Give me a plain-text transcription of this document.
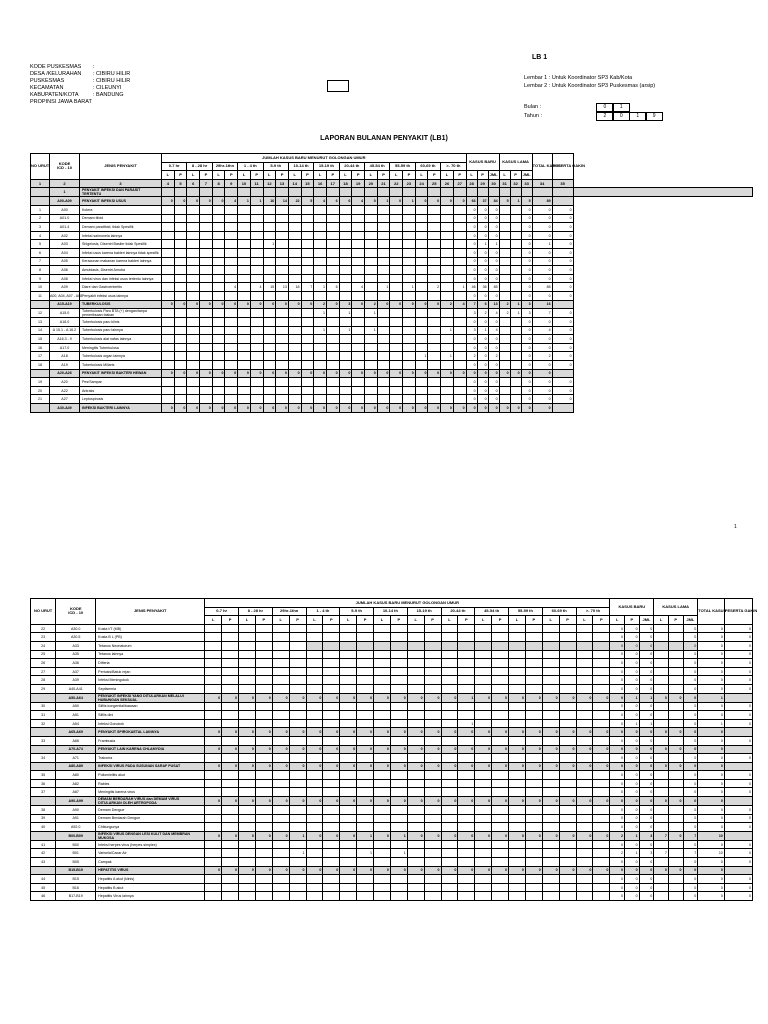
LB 1
KODE PUSKESMAS :
DESA /KELURAHAN : CIBIRU HILIR
PUSKESMAS	: CIBIRU HILIR
KECAMATAN	: CILEUNYI
KABUPATEN/KOTA	: BANDUNG
PROPINSI JAWA BARAT
Lembar 1 : Untuk Koordinator SP3 Kab/Kota
Lembar 2 : Untuk Koordinator SP3 Puskesmas (arsip)
Bulan :	0	1
Tahun :	2	0	1	9
LAPORAN BULANAN PENYAKIT (LB1)
NO URUT	KODE
ICD - 10	JENIS PENYAKIT	JUMLAH KASUS BARU MENURUT GOLONGAN UMUR																								KASUS BARU			KASUS LAMA			TOTAL KASUS	PESERTA GAKIN	
			0-7 hr		8 - 28 hr		29hr-1thn		1 - 4 th		5-9 th		10-14 th		15-19 th		20-44 th		45-54 th		55-59 th		60-69 th		>- 70 th										
			L	P	L	P	L	P	L	P	L	P	L	P	L	P	L	P	L	P	L	P	L	P	L	P	L	P	JML	L	P	JML			
1	2	3	4	5	6	7	8	9	10	11	12	13	14	15	16	17	18	19	20	21	22	23	24	25	26	27	28	29	30	31	32	33	34	35	
	1	PENYAKIT INFEKSI DAN PARASIT TERTENTU																																	
	A00-A09	PENYAKIT INFEKSI USUS	0	0	0	0	0	4	1	1	16	14	22	5	4	6	6	4	0	1	0	1	0	0	0	0	66	37	84	5	1	5	89		
1	A00	Kolera																									0	0	0			0	0	0	
2	A01.0	Demam tifoid																									0	0	0			0	0	0	
3	A01.4	Demam paratifoid, tidak Spesifik																									0	0	0			0	0	0	
4	A02	Infeksi salmonela lainnya																									0	0	0			0	0	0	
5	A03	Shigelosis, Disentri Basiler tidak Spesifik									1																0	1	1			0	1	0	
6	A04	Infeksi usus karena bakteri lainnya tidak spesifik																									0	0	0			0	0	0	
7	A05	Keracunan makanan karena bakteri lainnya																									0	0	0			0	0	0	
8	A06	Amubiasis, Disentri Amuba																									0	0	0			0	0	0	
9	A08	Infeksi virus dan infeksi usus tertentu lainnya																									0	0	0			0	0	0	
10	A09	Diare dan Gastroenteritis						4		4	15	13	18	7	1	6		4		1		1		2		1	46	36	85			0	85	0	
11	A00, A04, A07 - A08	Penyakit infeksi usus lainnya																									0	0	0			0	0	0	
	A15-A19	TUBERKULOSIS	0	0	0	0	0	0	0	0	0	0	0	0	2	0	3	0	2	0	0	0	0	0	2	4	7	6	13	2	1	3	16		
12	A15.0	Tuberkulosis Paru BTA (+) dengan/tanpa pemeriksaan biakan													1		1		1								3	2	4	2	1	3	7	0	
13	A16.0	Tuberkulosis paru klinis																									0	0	0			0	0	0	
14	A 15.1 - A 16.2	Tuberkulosis paru lainnya													1		1		1						1		3	1	4			0	4	0	
15	A16.3 - 9	Tuberkulosis alat nafas lainnya																									0	0	0			0	0	0	
16	A17.0	Meningitis Tuberkulosa																									0	0	0			0	0	0	
17	A18	Tuberkulosis organ lainnya																					1		1		2	0	2			0	2	0	
18	A19	Tuberkulosis Miliaris																									0	0	0			0	0	0	
	A20-A28	PENYAKIT INFEKSI BAKTERI HEWAN	0	0	0	0	0	0	0	0	0	0	0	0	0	0	0	0	0	0	0	0	0	0	0	0	0	0	0	0	0	0	0		
19	A20	Pes/Sampar																									0	0	0			0	0	0	
20	A22	Antraks																									0	0	0			0	0	0	
21	A27	Leptospirosis																									0	0	0			0	0	0	
	A30-A49	INFEKSI BAKTERI LAINNYA	0	0	0	0	0	0	0	0	0	0	0	0	0	0	0	0	0	0	0	0	0	0	0	0	0	0	0	0	0	0	0		
1
NO URUT	KODE
ICD - 10	JENIS PENYAKIT	JUMLAH KASUS BARU MENURUT GOLONGAN UMUR																								KASUS BARU			KASUS LAMA			TOTAL KASUS	PESERTA GAKIN
			0-7 hr		8 - 28 hr		29hr-1thn		1 - 4 th		5-9 th		10-14 th		15-19 th		20-44 th		45-54 th		55-59 th		60-69 th		>- 70 th									
			L	P	L	P	L	P	L	P	L	P	L	P	L	P	L	P	L	P	L	P	L	P	L	P	L	P	JML	L	P	JML		
22	A30.0	Kusta I/T (MB)																									0	0	0			0	0	0
23	A30.5	Kusta B L (PB)																									0	0	0			0	0	0
24	A33	Tetanus Neonatorum																									0	0	0			0	0	0
25	A35	Tetanus lainnya																									0	0	0			0	0	0
26	A36	Difteria																									0	0	0			0	0	0
27	A37	Pertusis/Batuk rejan																									0	0	0			0	0	0
28	A39	Infeksi Meningokok																									0	0	0			0	0	0
29	A40-A41	Septisemia																									0	0	0			0	0	0
	A50-A64	PENYAKIT INFEKSI YANG DITULARKAN MELALUI HUBUNGAN SEKSUAL	0	0	0	0	0	0	0	0	0	0	0	0	0	0	0	1	0	0	0	0	0	0	0	0	0	1	1	0	0	0	1	
30	A50	Sifilis kongenital/bawaan																									0	0	0			0	0	0
31	A51	Sifilis dini																									0	0	0			0	0	0
32	A54	Infeksi Gonokok																1									0	1	1			0	1	0
	A65-A69	PENYAKIT SPIROKAETAL LAINNYA	0	0	0	0	0	0	0	0	0	0	0	0	0	0	0	0	0	0	0	0	0	0	0	0	0	0	0	0	0	0	0	
33	A66	Frambusia																									0	0	0			0	0	0
	A70-A74	PENYAKIT LAIN KARENA CHLAMYDIA	0	0	0	0	0	0	0	0	0	0	0	0	0	0	0	0	0	0	0	0	0	0	0	0	0	0	0	0	0	0	0	
34	A71	Trakoma																									0	0	0			0	0	0
	A80-A89	INFEKSI VIRUS PADA SUSUNAN SARAF PUSAT	0	0	0	0	0	0	0	0	0	0	0	0	0	0	0	0	0	0	0	0	0	0	0	0	0	0	0	0	0	0	0	
35	A80	Poliomielitis akut																									0	0	0			0	0	0
36	A82	Rabies																									0	0	0			0	0	0
37	A87	Meningitis karena virus																									0	0	0			0	0	0
	A90-A99	DEMAM BERDARAH VIRUS dan DEMAM VIRUS DITULARKAN OLEH ARTROPODA	0	0	0	0	0	0	0	0	0	0	0	0	0	0	0	0	0	0	0	0	0	0	0	0	0	0	0	0	0	0	0	
38	A90	Demam Dengue																									0	0	0			0	0	0
39	A91	Demam Berdarah Dengue																									0	0	0			0	0	0
40	A92.0	Chikungunya																									0	0	0			0	0	0
	B00-B09	INFEKSI VIRUS DENGAN LESI KULIT DAN MEMBRAN MUKOSA	0	0	0	0	0	1	0	0	0	1	0	1	0	0	0	0	0	0	0	0	0	0	0	0	2	1	3	7	0	7	10	
41	B00	Infeksi herpes virus (herpes simplex)																									0	0	0			0	0	0
42	B01	Varisela/Cacar Air						1				1		1													2	1	3	7		7	10	0
43	B05	Campak																									0	0	0			0	0	0
	B15-B19	HEPATITIS VIRUS	0	0	0	0	0	0	0	0	0	0	0	0	0	0	0	0	0	0	0	0	0	0	0	0	0	0	0	0	0	0	0	
44	B15	Hepatitis A akut (klinis)																									0	0	0			0	0	0
45	B16	Hepatitis B akut																									0	0	0			0	0	0
46	B17-B19	Hepatitis Virus lainnya																									0	0	0			0	0	0
